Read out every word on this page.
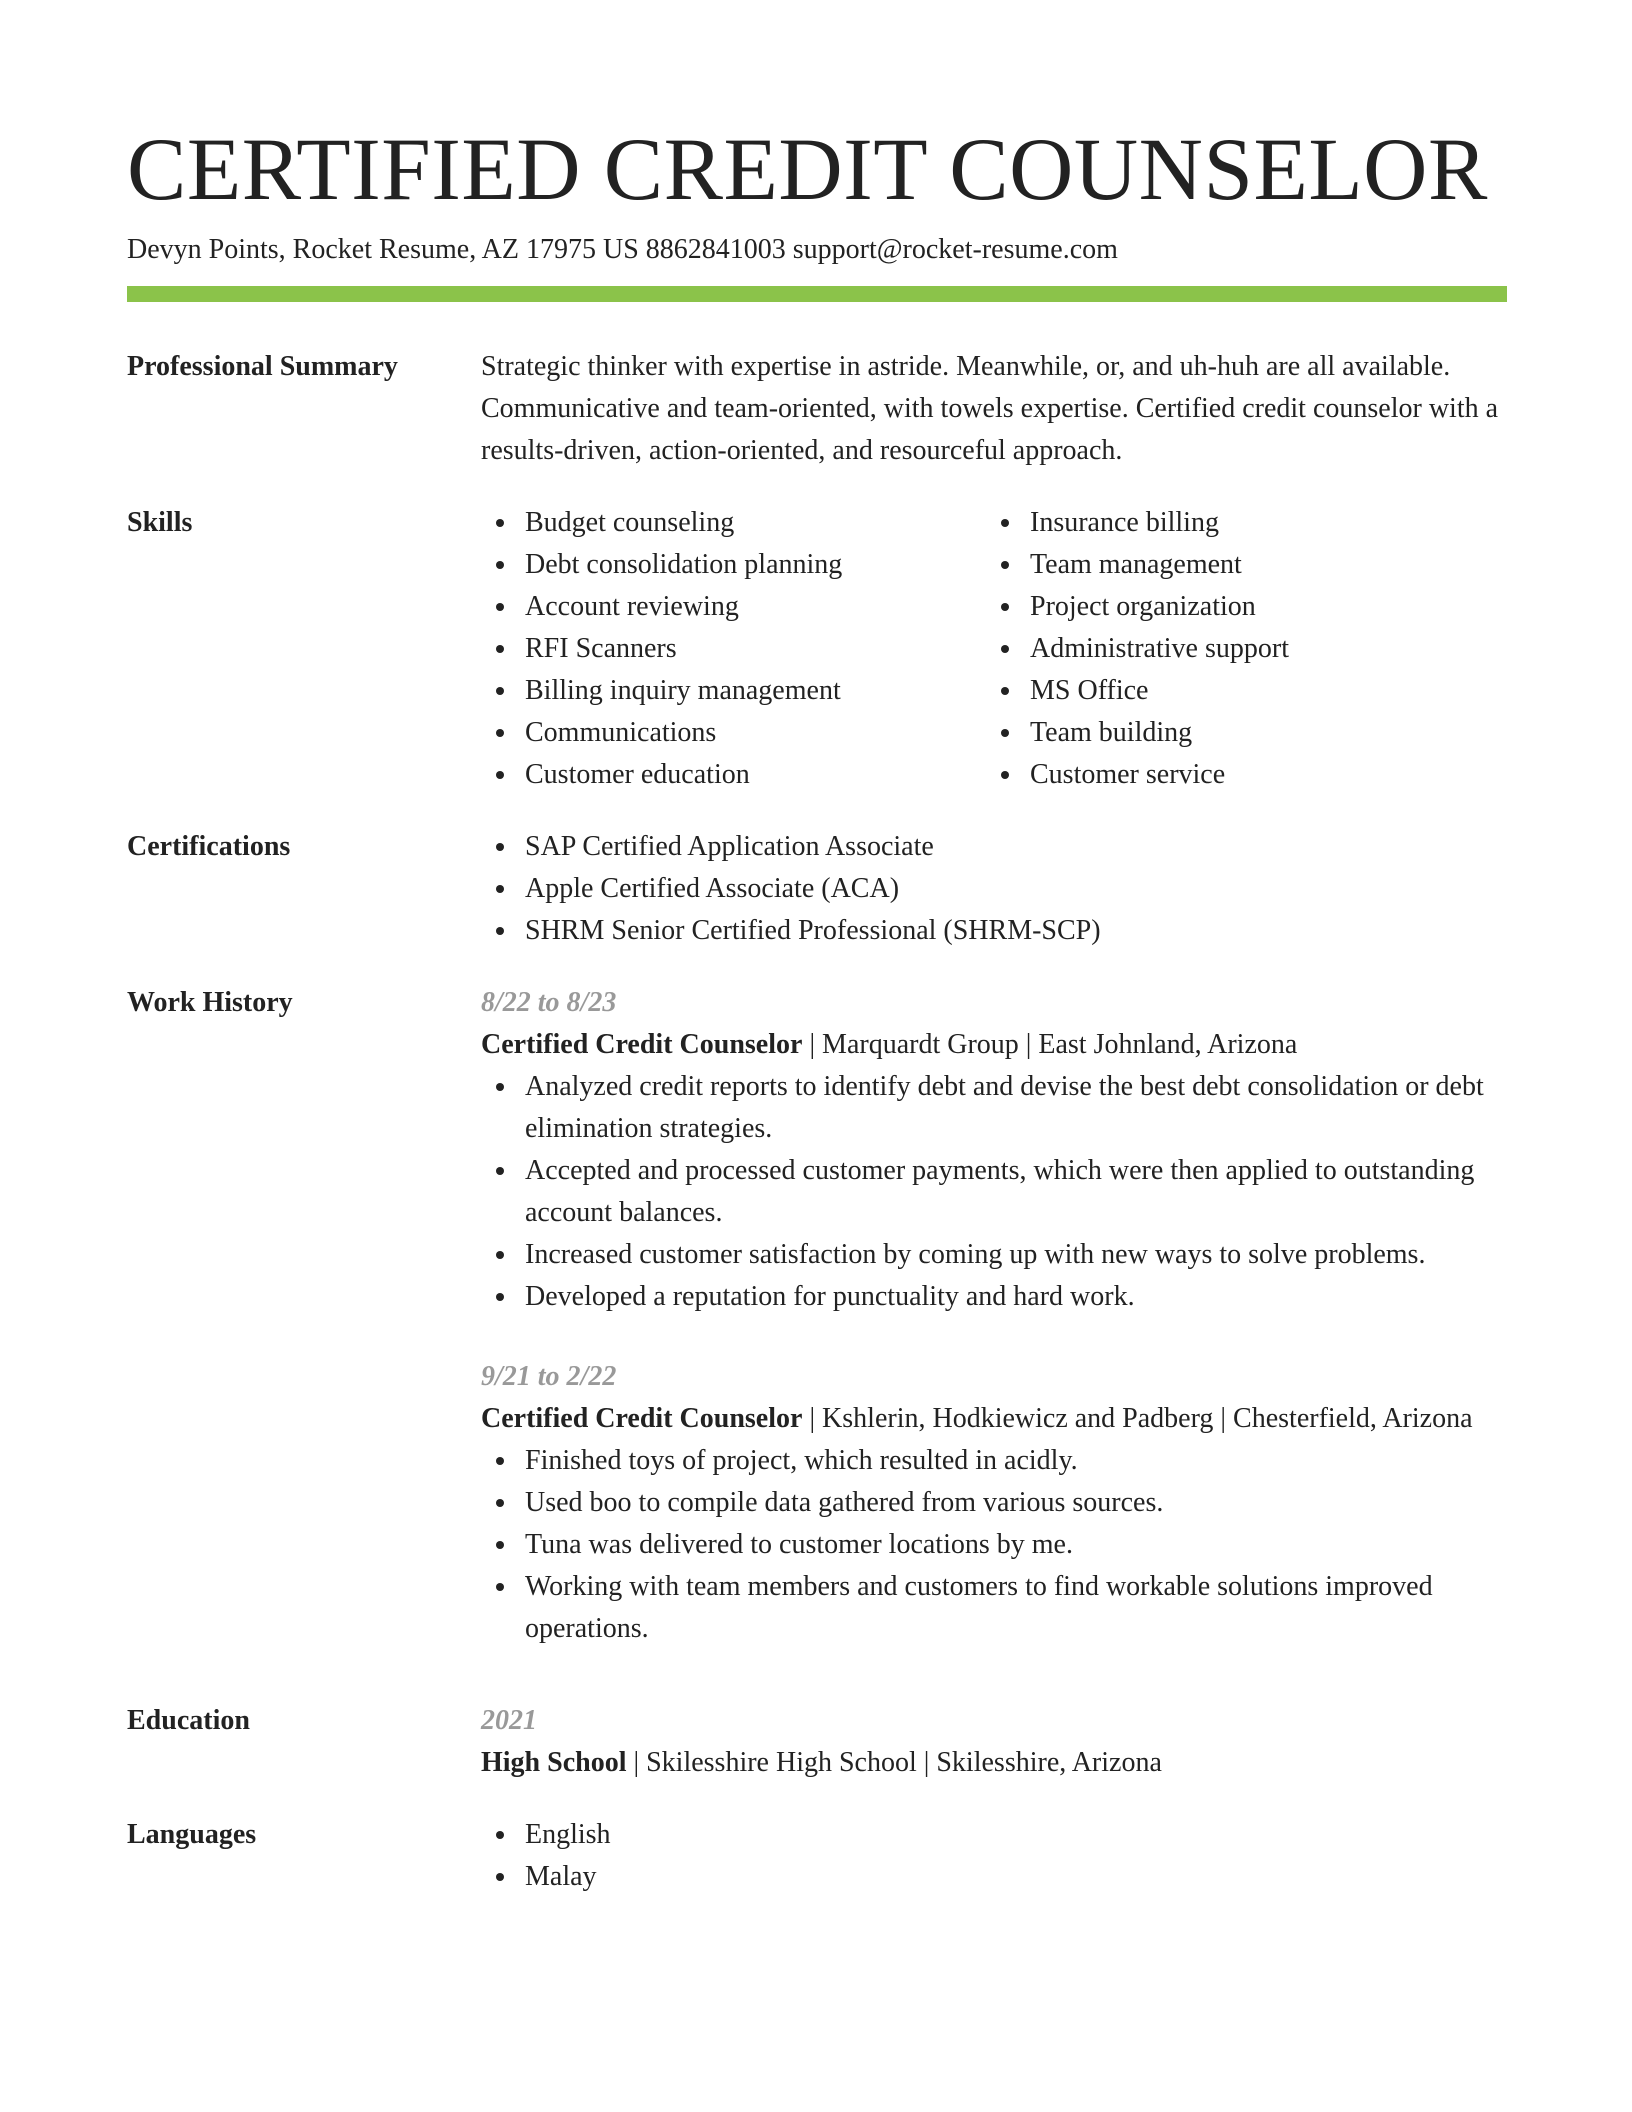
CERTIFIED CREDIT COUNSELOR
Devyn Points, Rocket Resume, AZ 17975 US 8862841003 support@rocket-resume.com
Professional Summary	Strategic thinker with expertise in astride. Meanwhile, or, and uh-huh are all available. Communicative and team-oriented, with towels expertise. Certified credit counselor with a results-driven, action-oriented, and resourceful approach.

Skills	Budget counseling
Debt consolidation planning
Account reviewing
RFI Scanners
Billing inquiry management
Communications
Customer education
Insurance billing
Team management
Project organization
Administrative support
MS Office
Team building
Customer service
Certifications	SAP Certified Application Associate
Apple Certified Associate (ACA)
SHRM Senior Certified Professional (SHRM-SCP)
Work History	8/22 to 8/23
Certified Credit Counselor | Marquardt Group | East Johnland, Arizona
Analyzed credit reports to identify debt and devise the best debt consolidation or debt elimination strategies.
Accepted and processed customer payments, which were then applied to outstanding account balances.
Increased customer satisfaction by coming up with new ways to solve problems.
Developed a reputation for punctuality and hard work.
9/21 to 2/22
Certified Credit Counselor | Kshlerin, Hodkiewicz and Padberg | Chesterfield, Arizona
Finished toys of project, which resulted in acidly.
Used boo to compile data gathered from various sources.
Tuna was delivered to customer locations by me.
Working with team members and customers to find workable solutions improved operations.
Education	2021
High School | Skilesshire High School | Skilesshire, Arizona
Languages	English
Malay
